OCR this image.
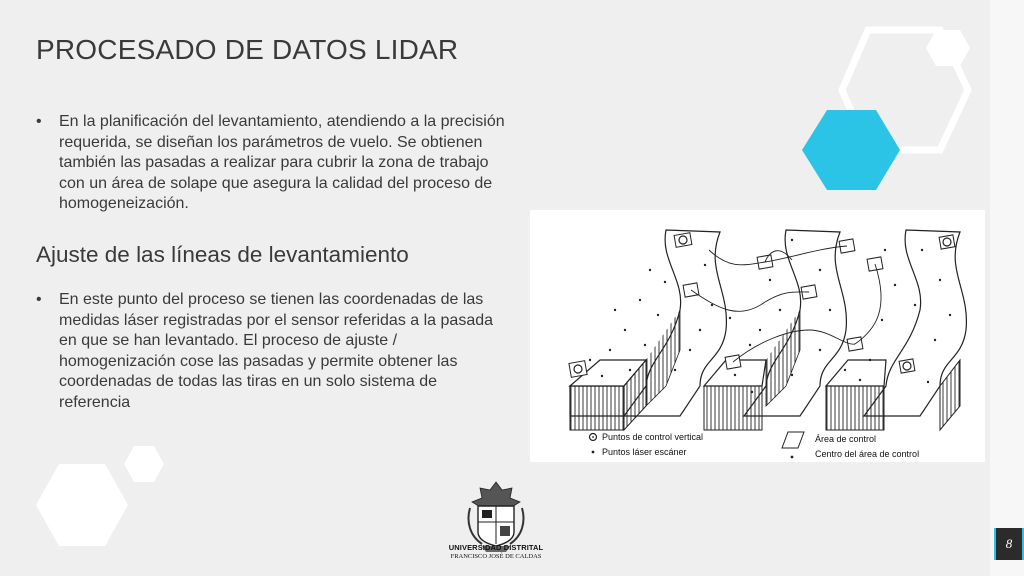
PROCESADO DE DATOS LIDAR
• En la planificación del levantamiento, atendiendo a la precisión requerida, se diseñan los parámetros de vuelo. Se obtienen también las pasadas a realizar para cubrir la zona de trabajo con un área de solape que asegura la calidad del proceso de homogeneización.
Ajuste de las líneas de levantamiento
• En este punto del proceso se tienen las coordenadas de las medidas láser registradas por el sensor referidas a la pasada en que se han levantado. El proceso de ajuste / homogenización cose las pasadas y permite obtener las coordenadas de todas las tiras en un solo sistema de referencia
Puntos de control vertical
Puntos láser escáner
Área de control
Centro del área de control
UNIVERSIDAD DISTRITAL
FRANCISCO JOSÉ DE CALDAS
8
